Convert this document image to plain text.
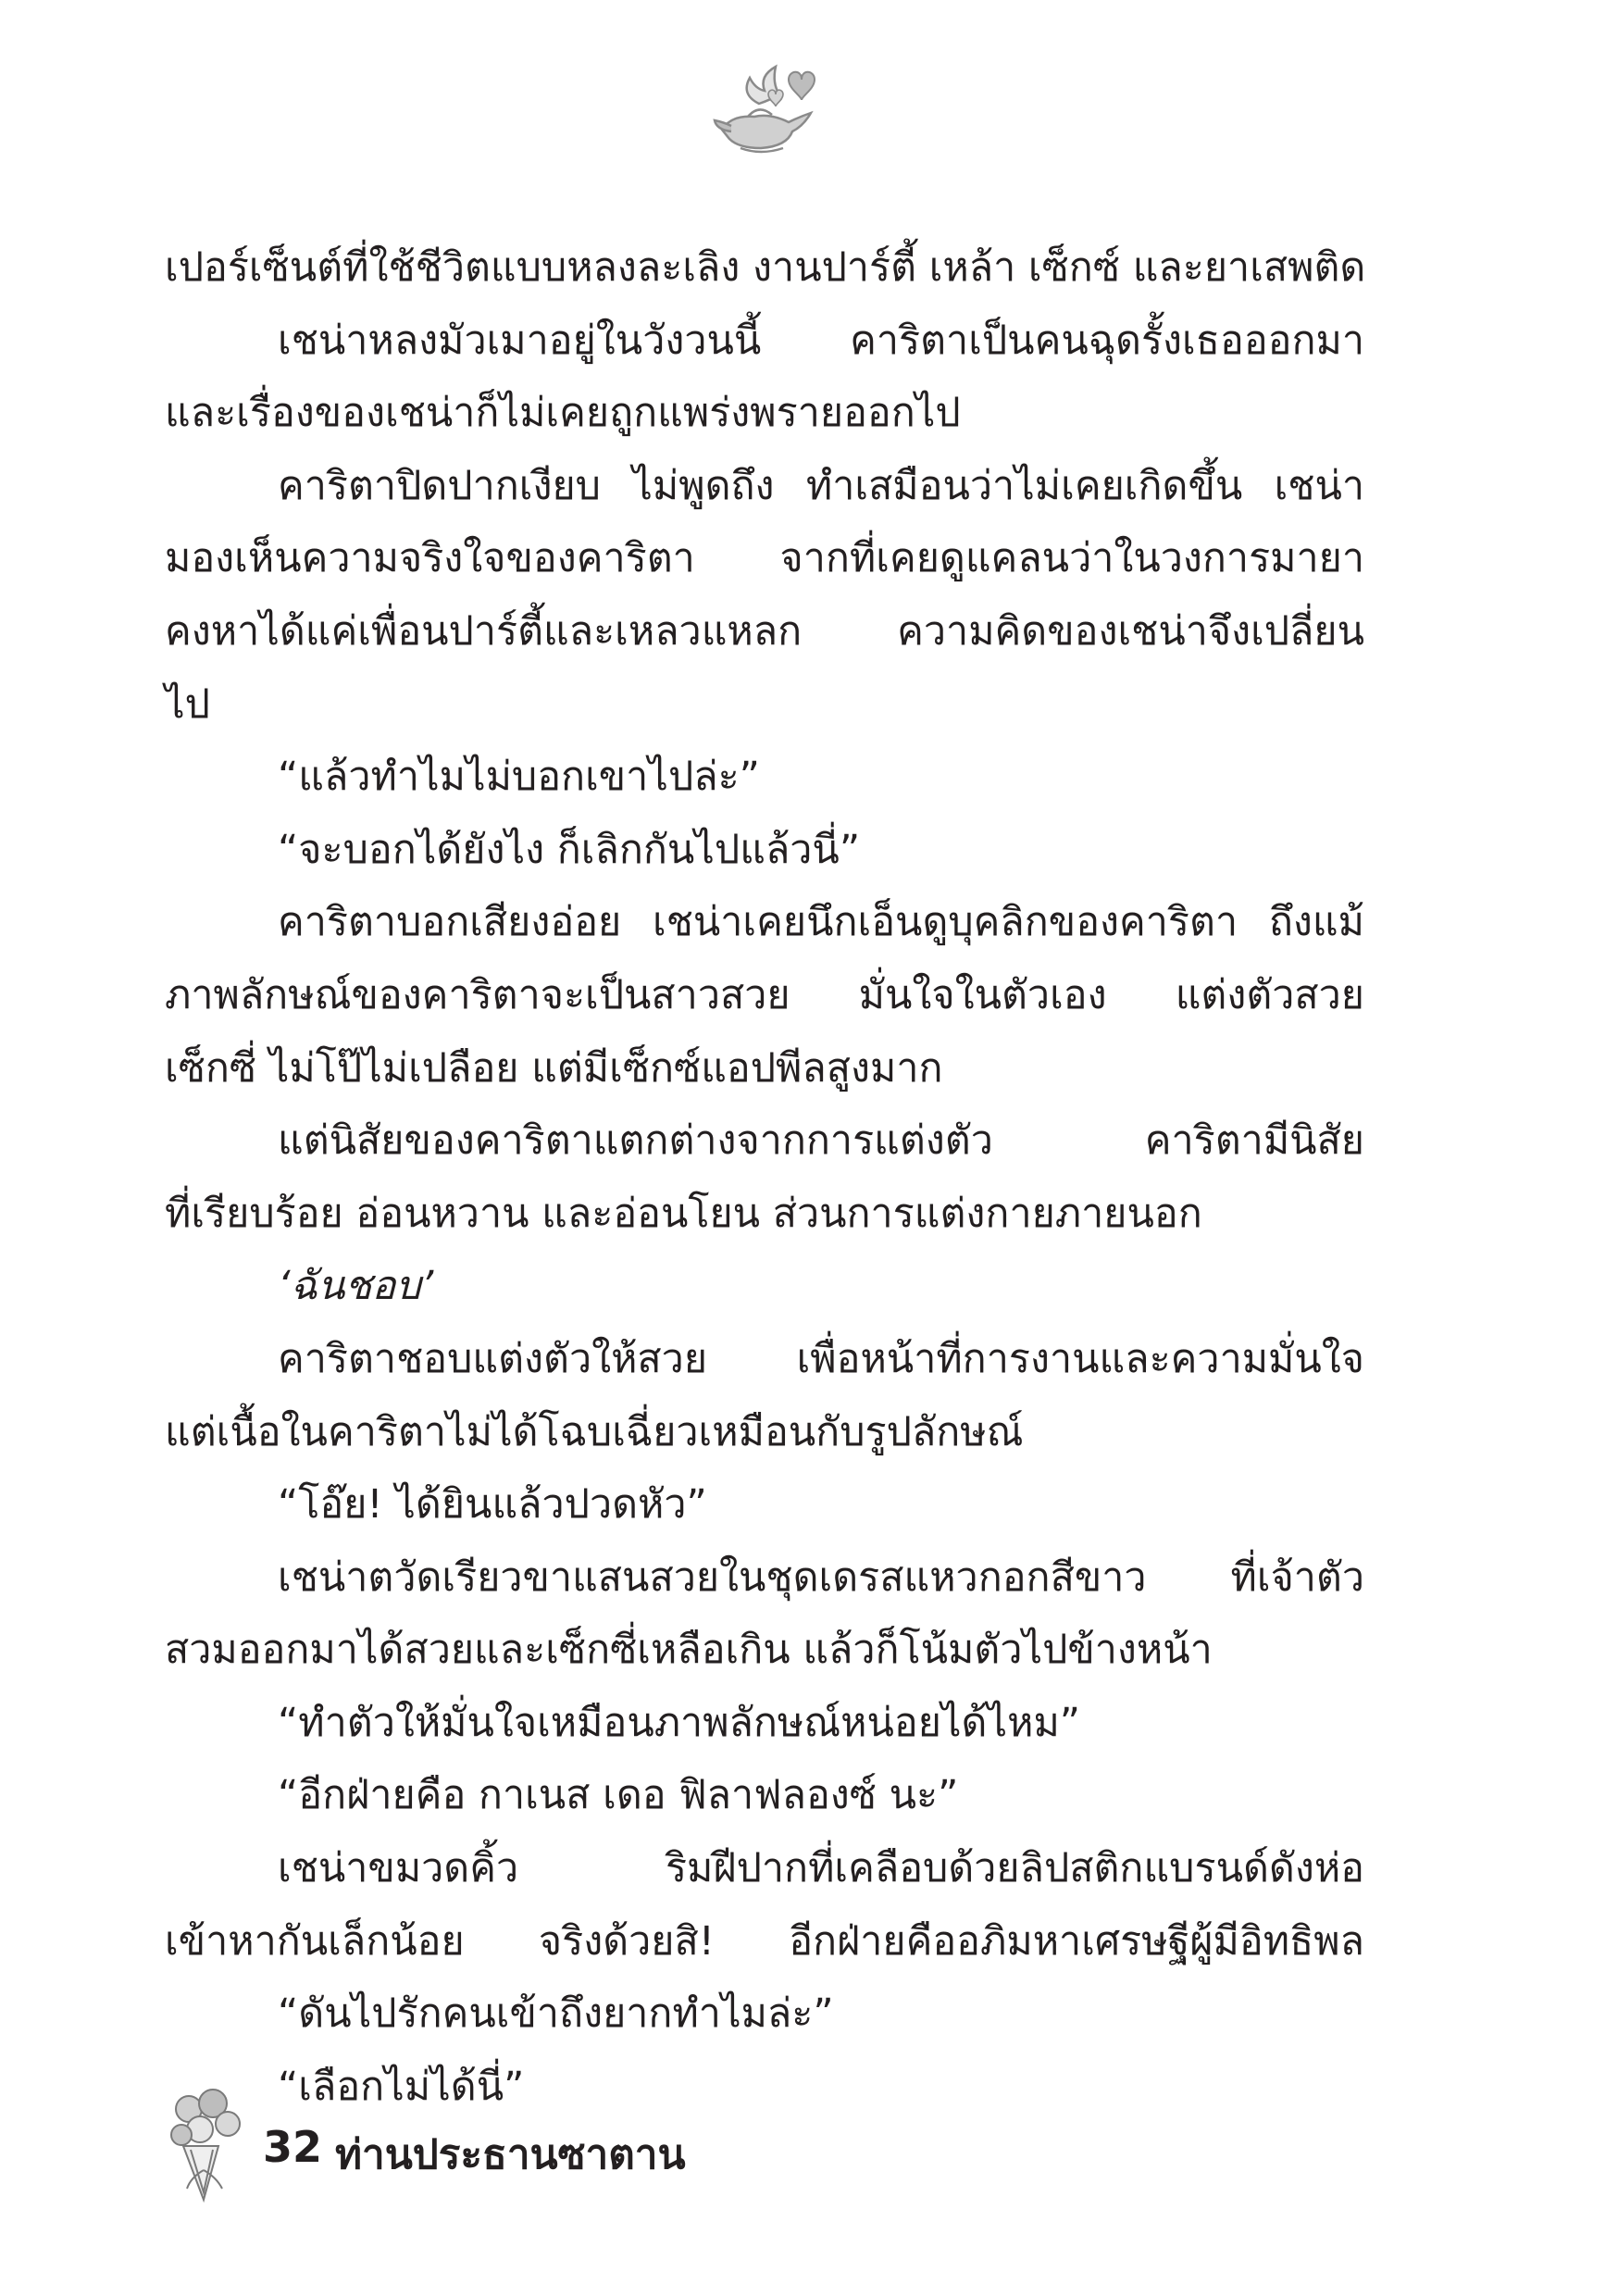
เปอร์เซ็นต์ที่ใช้ชีวิตแบบหลงละเลิง งานปาร์ตี้ เหล้า เซ็กซ์ และยาเสพติด
เชน่าหลงมัวเมาอยู่ในวังวนนี้ คาริตาเป็นคนฉุดรั้งเธอออกมา
และเรื่องของเชน่าก็ไม่เคยถูกแพร่งพรายออกไป
คาริตาปิดปากเงียบ ไม่พูดถึง ทำเสมือนว่าไม่เคยเกิดขึ้น เชน่า
มองเห็นความจริงใจของคาริตา จากที่เคยดูแคลนว่าในวงการมายา
คงหาได้แค่เพื่อนปาร์ตี้และเหลวแหลก ความคิดของเชน่าจึงเปลี่ยน
ไป
“แล้วทำไมไม่บอกเขาไปล่ะ”
“จะบอกได้ยังไง ก็เลิกกันไปแล้วนี่”
คาริตาบอกเสียงอ่อย เชน่าเคยนึกเอ็นดูบุคลิกของคาริตา ถึงแม้
ภาพลักษณ์ของคาริตาจะเป็นสาวสวย มั่นใจในตัวเอง แต่งตัวสวย
เซ็กซี่ ไม่โป๊ไม่เปลือย แต่มีเซ็กซ์แอปพีลสูงมาก
แต่นิสัยของคาริตาแตกต่างจากการแต่งตัว คาริตามีนิสัย
ที่เรียบร้อย อ่อนหวาน และอ่อนโยน ส่วนการแต่งกายภายนอก
‘ฉันชอบ’
คาริตาชอบแต่งตัวให้สวย เพื่อหน้าที่การงานและความมั่นใจ
แต่เนื้อในคาริตาไม่ได้โฉบเฉี่ยวเหมือนกับรูปลักษณ์
“โอ๊ย! ได้ยินแล้วปวดหัว”
เชน่าตวัดเรียวขาแสนสวยในชุดเดรสแหวกอกสีขาว ที่เจ้าตัว
สวมออกมาได้สวยและเซ็กซี่เหลือเกิน แล้วก็โน้มตัวไปข้างหน้า
“ทำตัวให้มั่นใจเหมือนภาพลักษณ์หน่อยได้ไหม”
“อีกฝ่ายคือ กาเนส เดอ ฟิลาฟลองซ์ นะ”
เชน่าขมวดคิ้ว ริมฝีปากที่เคลือบด้วยลิปสติกแบรนด์ดังห่อ
เข้าหากันเล็กน้อย จริงด้วยสิ! อีกฝ่ายคืออภิมหาเศรษฐีผู้มีอิทธิพล
“ดันไปรักคนเข้าถึงยากทำไมล่ะ”
“เลือกไม่ได้นี่”
32 ท่านประธานซาตาน
